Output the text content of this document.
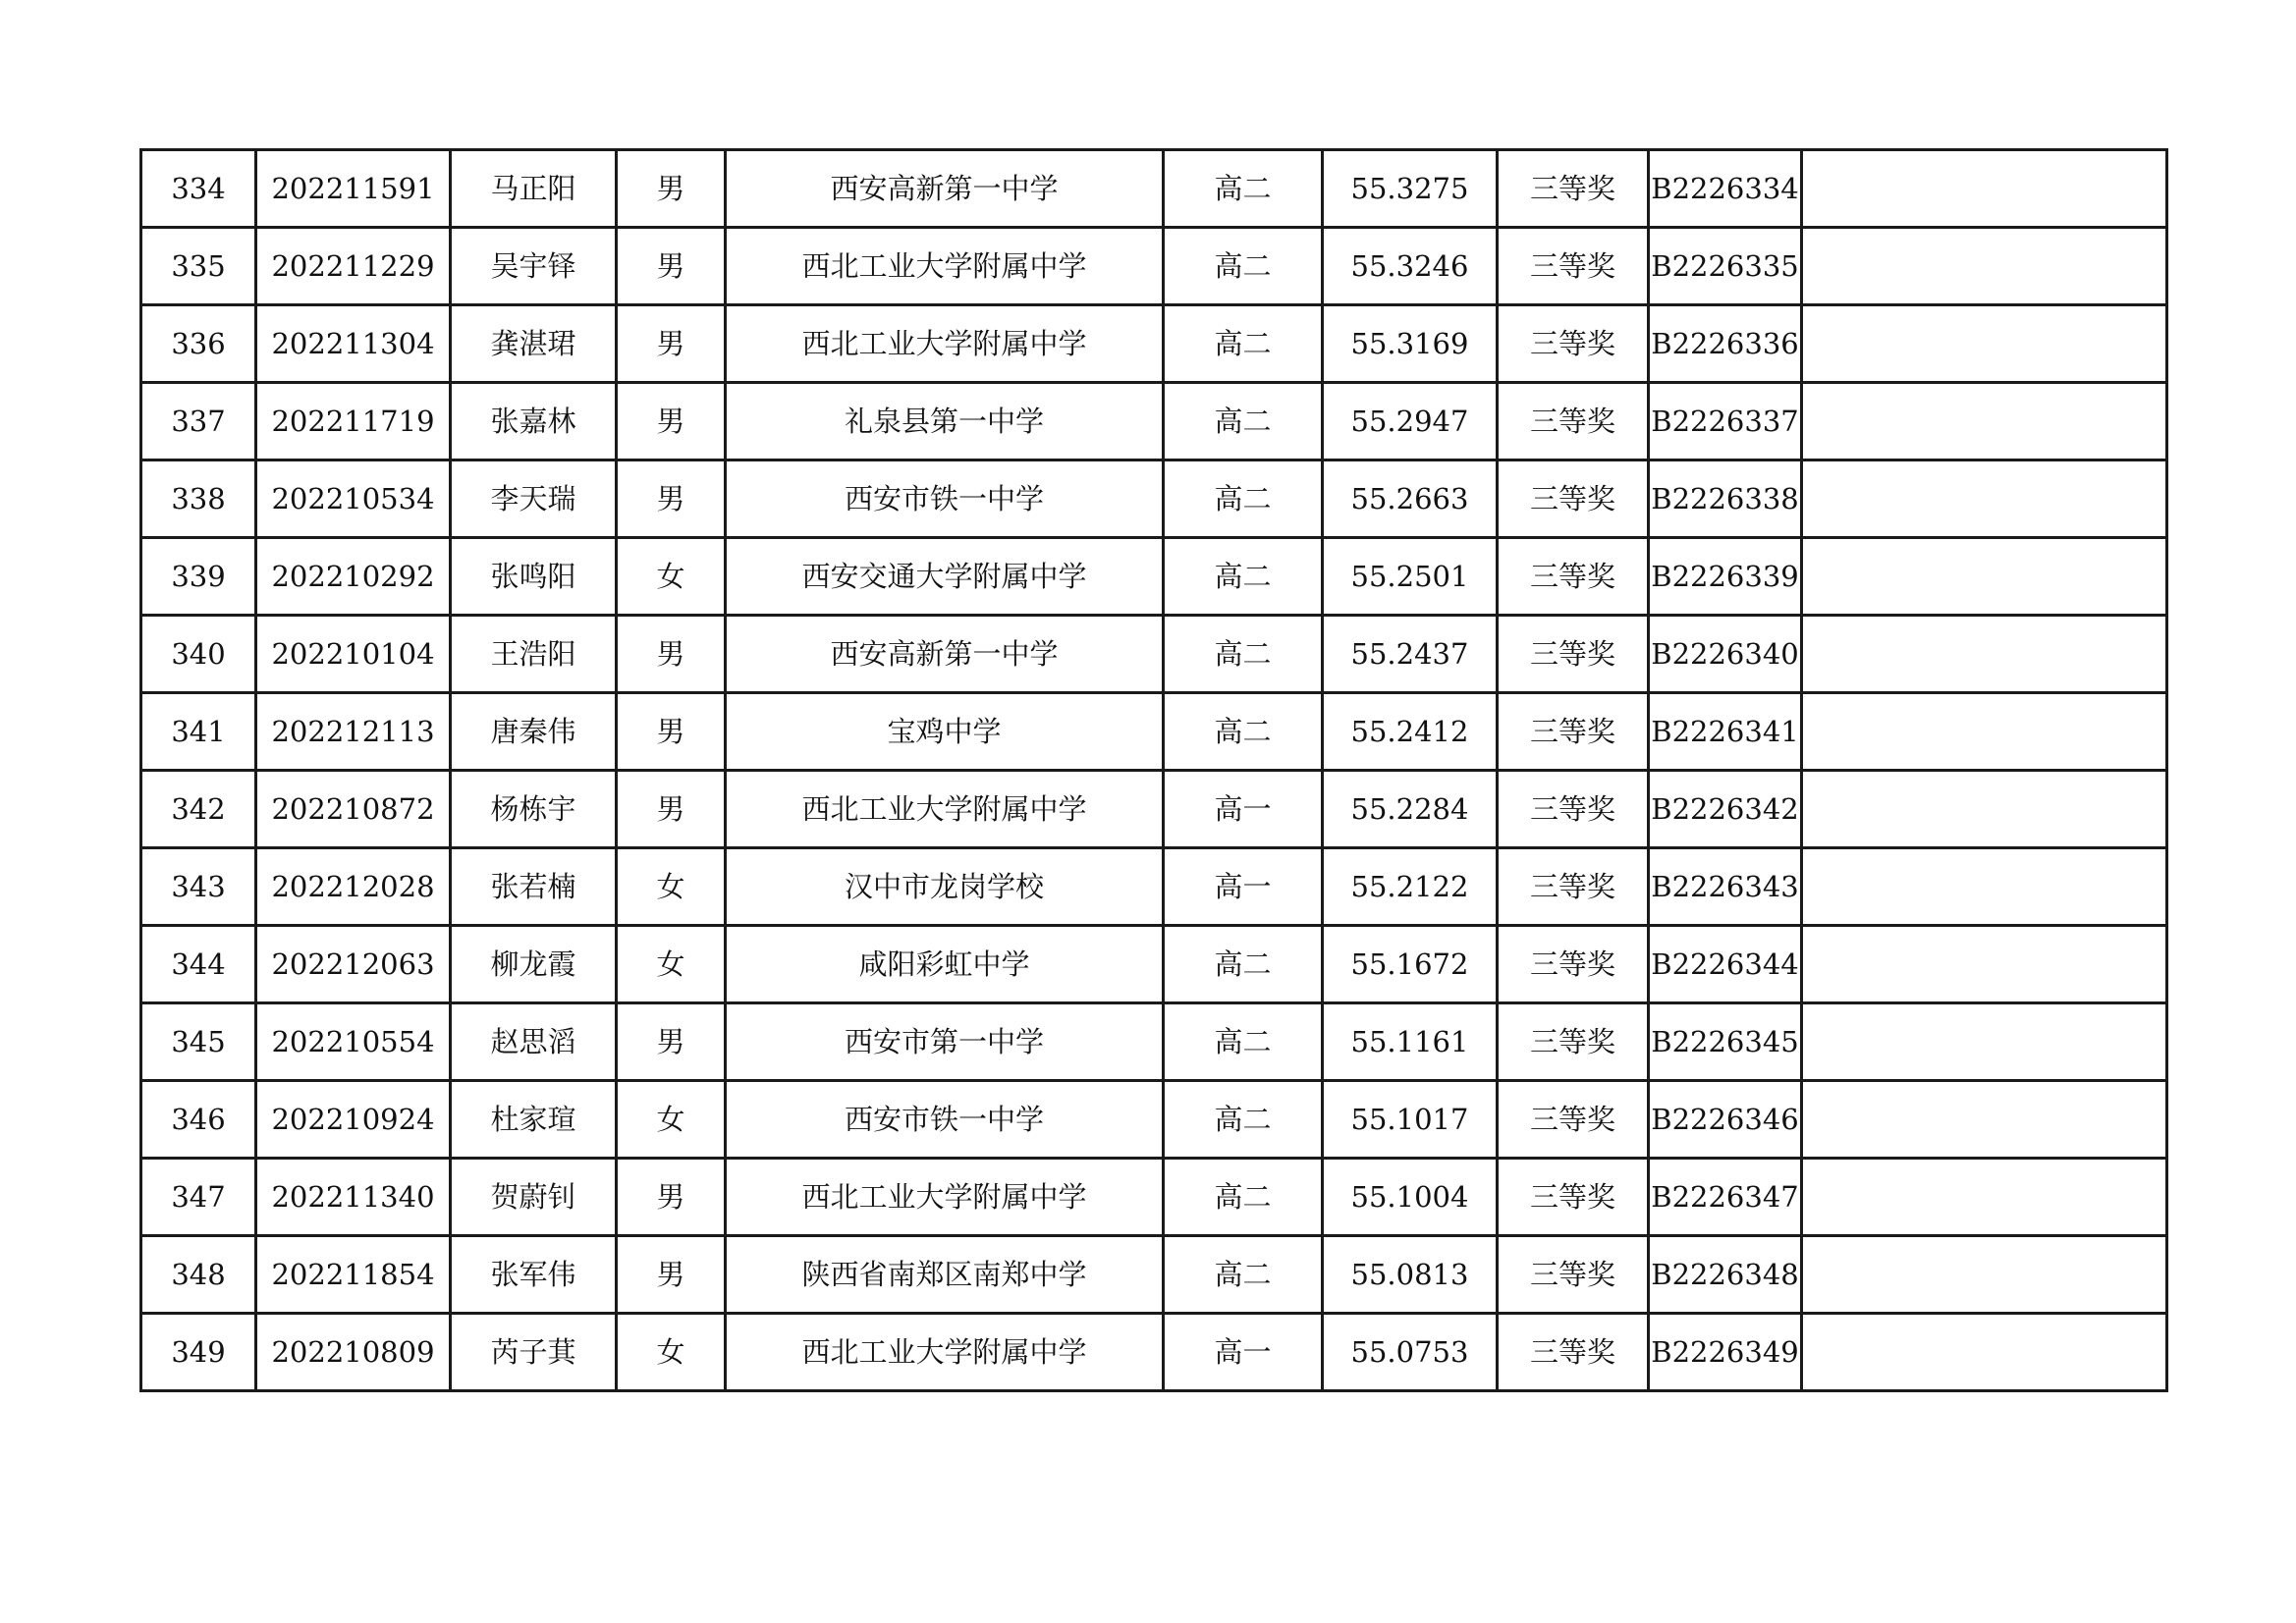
334	202211591	马正阳	男	西安高新第一中学	高二	55.3275	三等奖	B2226334	
335	202211229	吴宇铎	男	西北工业大学附属中学	高二	55.3246	三等奖	B2226335	
336	202211304	龚湛珺	男	西北工业大学附属中学	高二	55.3169	三等奖	B2226336	
337	202211719	张嘉林	男	礼泉县第一中学	高二	55.2947	三等奖	B2226337	
338	202210534	李天瑞	男	西安市铁一中学	高二	55.2663	三等奖	B2226338	
339	202210292	张鸣阳	女	西安交通大学附属中学	高二	55.2501	三等奖	B2226339	
340	202210104	王浩阳	男	西安高新第一中学	高二	55.2437	三等奖	B2226340	
341	202212113	唐秦伟	男	宝鸡中学	高二	55.2412	三等奖	B2226341	
342	202210872	杨栋宇	男	西北工业大学附属中学	高一	55.2284	三等奖	B2226342	
343	202212028	张若楠	女	汉中市龙岗学校	高一	55.2122	三等奖	B2226343	
344	202212063	柳龙霞	女	咸阳彩虹中学	高二	55.1672	三等奖	B2226344	
345	202210554	赵思滔	男	西安市第一中学	高二	55.1161	三等奖	B2226345	
346	202210924	杜家瑄	女	西安市铁一中学	高二	55.1017	三等奖	B2226346	
347	202211340	贺蔚钊	男	西北工业大学附属中学	高二	55.1004	三等奖	B2226347	
348	202211854	张军伟	男	陕西省南郑区南郑中学	高二	55.0813	三等奖	B2226348	
349	202210809	芮子萁	女	西北工业大学附属中学	高一	55.0753	三等奖	B2226349	
